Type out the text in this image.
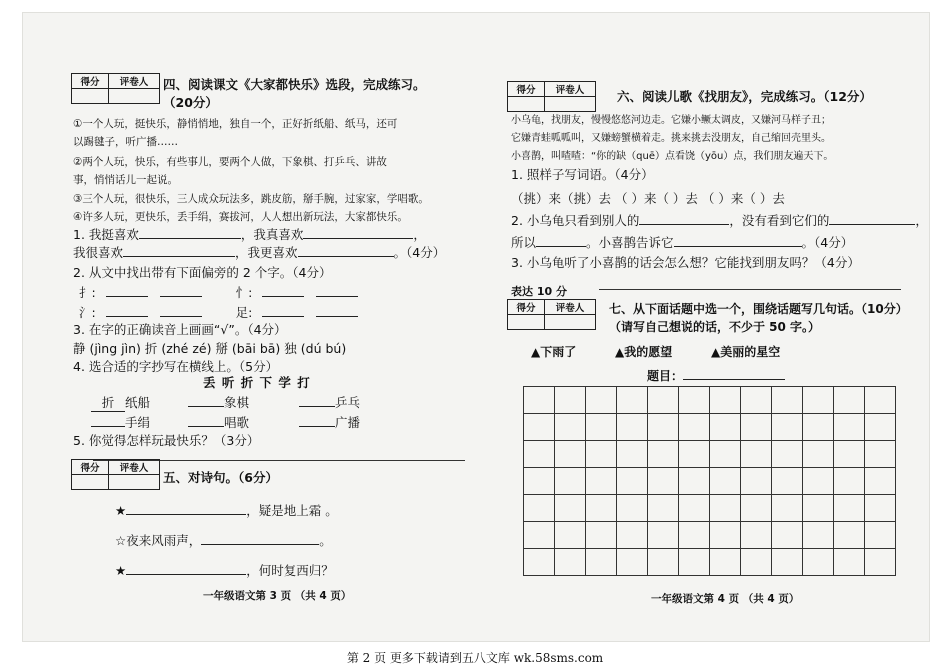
得分	评卷人
	四、阅读课文《大家都快乐》选段，完成练习。
（20分）
①一个人玩，挺快乐，静悄悄地，独自一个，正好折纸船、纸马，还可
以踢毽子，听广播……
②两个人玩，快乐，有些事儿，要两个人做，下象棋、打乒乓、讲故
事，悄悄话儿一起说。
③三个人玩，很快乐，三人成众玩法多，跳皮筋，掰手腕，过家家，学唱歌。
④许多人玩，更快乐，丢手绢，赛拔河，人人想出新玩法，大家都快乐。
1. 我挺喜欢	，我真喜欢	，
我很喜欢	，我更喜欢	。（4分）
2. 从文中找出带有下面偏旁的 2 个字。（4分）
扌:	忄:
氵:	足:
3. 在字的正确读音上画画“√”。（4分）
静 (jìng jìn) 折 (zhé zé) 掰 (bāi bā) 独 (dú bú)
4. 选合适的字抄写在横线上。（5分）
丢 听 折 下 学 打
折 纸船	象棋	乒乓
手绢	唱歌	广播
5. 你觉得怎样玩最快乐？（3分）
得分	评卷人

五、对诗句。（6分）
★	，疑是地上霜 。
☆夜来风雨声，	。
★	，何时复西归？
一年级语文第 3 页 （共 4 页）
得分	评卷人
		六、阅读儿歌《找朋友》，完成练习。（12分）
小乌龟，找朋友，慢慢悠悠河边走。它嫌小鳜太调皮，又嫌河马样子丑；
它嫌青蛙呱呱叫，又嫌螃蟹横着走。挑来挑去没朋友，自己缩回壳里头。
小喜鹊，叫喳喳：“你的缺（quē）点看饶（yōu）点，我们朋友遍天下。
1. 照样子写词语。（4分）
（挑）来（挑）去 （ ）来（ ）去 （ ）来（ ）去
2. 小乌龟只看到别人的	，没有看到它们的	，
所以	。小喜鹊告诉它	。（4分）
3. 小乌龟听了小喜鹊的话会怎么想？它能找到朋友吗？（4分）
表达 10 分
得分	评卷人
	七、从下面话题中选一个，围绕话题写几句话。（10分）
（请写自己想说的话，不少于 50 字。）
▲下雨了	▲我的愿望	▲美丽的星空
题目：

一年级语文第 4 页 （共 4 页）
第 2 页 更多下载请到五八文库 wk.58sms.com
